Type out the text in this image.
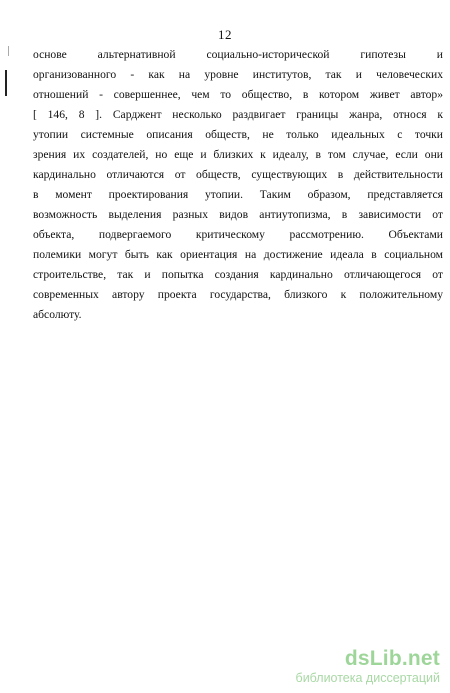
12
основе альтернативной социально-исторической гипотезы и
организованного - как на уровне институтов, так и человеческих
отношений - совершеннее, чем то общество, в котором живет автор»
[ 146, 8 ]. Сарджент несколько раздвигает границы жанра, относя к
утопии системные описания обществ, не только идеальных с точки
зрения их создателей, но еще и близких к идеалу, в том случае, если они
кардинально отличаются от обществ, существующих в действительности
в момент проектирования утопии. Таким образом, представляется
возможность выделения разных видов антиутопизма, в зависимости от
объекта, подвергаемого критическому рассмотрению. Объектами
полемики могут быть как ориентация на достижение идеала в социальном
строительстве, так и попытка создания кардинально отличающегося от
современных автору проекта государства, близкого к положительному
абсолюту.
dsLib.net
библиотека диссертаций
